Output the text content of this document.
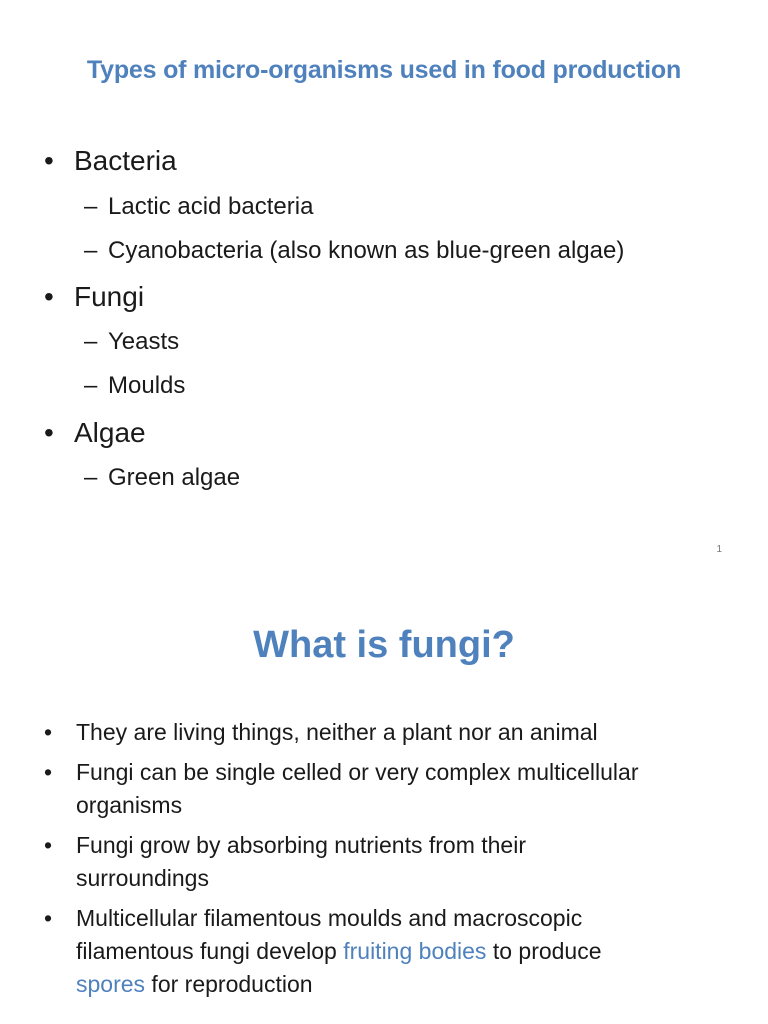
Types of micro-organisms used in food production
• Bacteria
– Lactic acid bacteria
– Cyanobacteria (also known as blue-green algae)
• Fungi
– Yeasts
– Moulds
• Algae
– Green algae
1
What is fungi?
•	They are living things, neither a plant nor an animal
•	Fungi can be single celled or very complex multicellular
organisms
•	Fungi grow by absorbing nutrients from their
surroundings
•	Multicellular filamentous moulds and macroscopic
filamentous fungi develop fruiting bodies to produce
spores for reproduction
